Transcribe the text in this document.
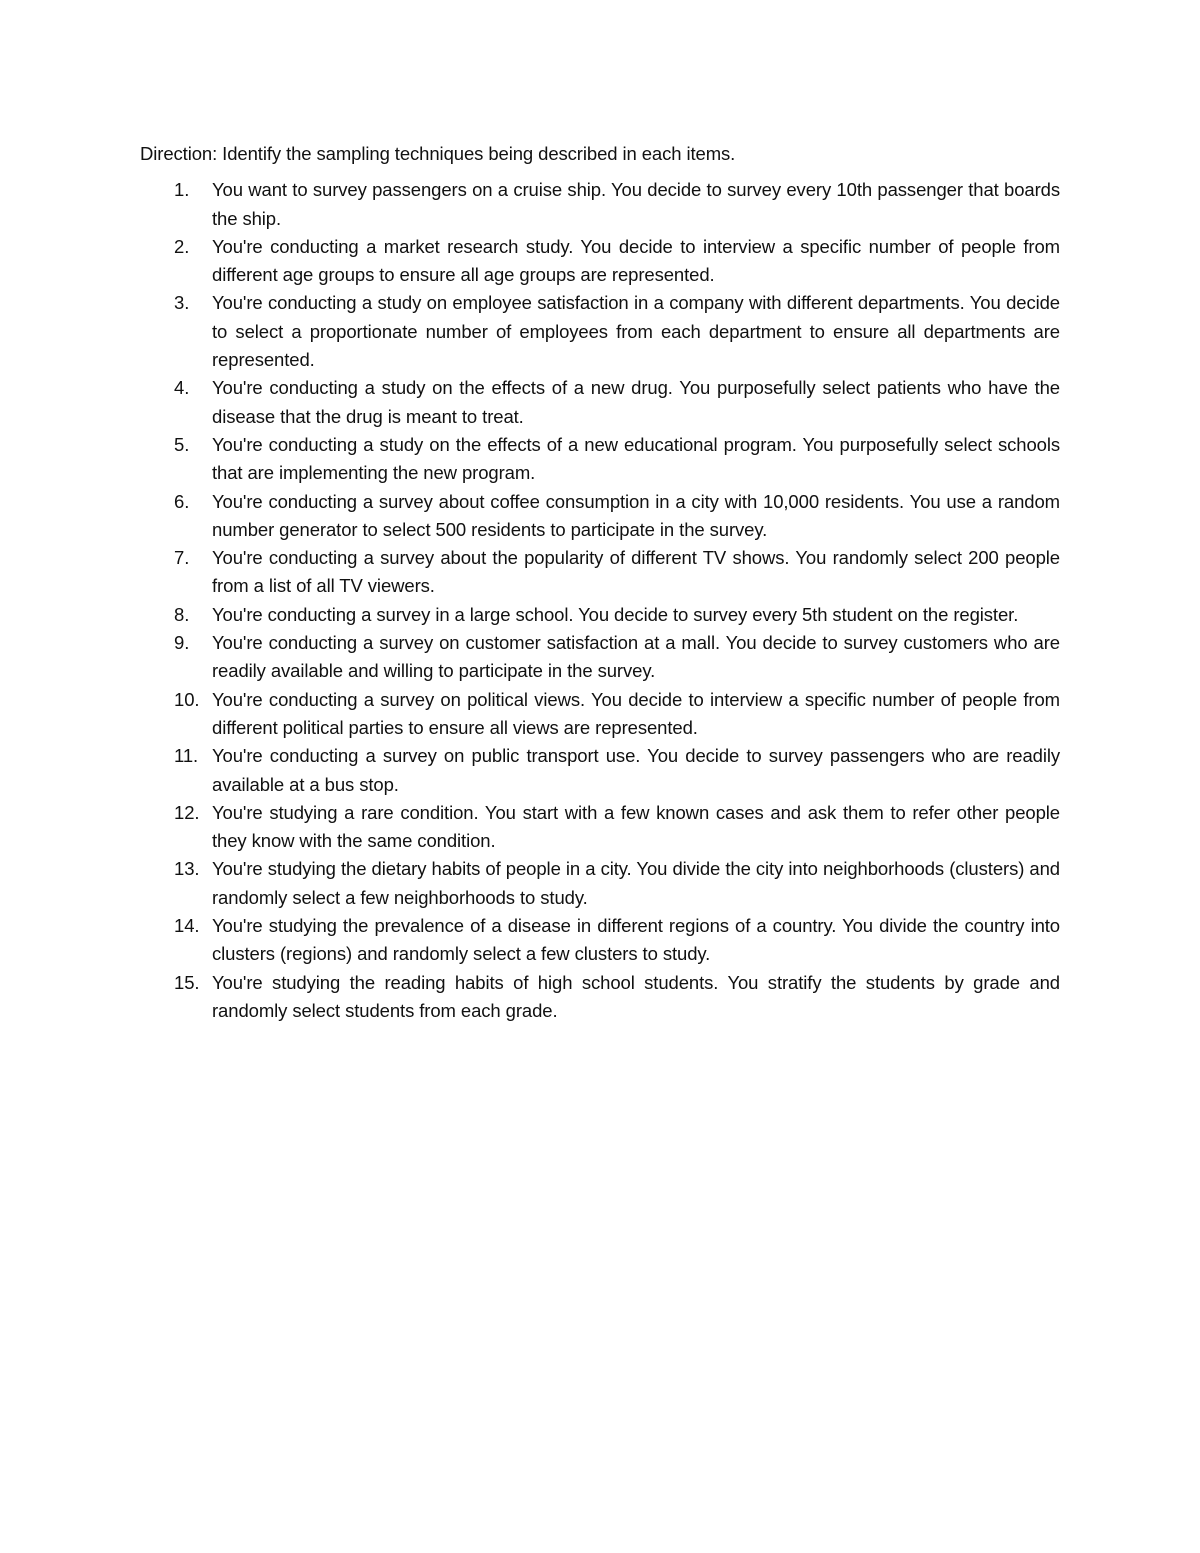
Direction: Identify the sampling techniques being described in each items.

1. You want to survey passengers on a cruise ship. You decide to survey every 10th passenger that boards the ship.
2. You're conducting a market research study. You decide to interview a specific number of people from different age groups to ensure all age groups are represented.
3. You're conducting a study on employee satisfaction in a company with different departments. You decide to select a proportionate number of employees from each department to ensure all departments are represented.
4. You're conducting a study on the effects of a new drug. You purposefully select patients who have the disease that the drug is meant to treat.
5. You're conducting a study on the effects of a new educational program. You purposefully select schools that are implementing the new program.
6. You're conducting a survey about coffee consumption in a city with 10,000 residents. You use a random number generator to select 500 residents to participate in the survey.
7. You're conducting a survey about the popularity of different TV shows. You randomly select 200 people from a list of all TV viewers.
8. You're conducting a survey in a large school. You decide to survey every 5th student on the register.
9. You're conducting a survey on customer satisfaction at a mall. You decide to survey customers who are readily available and willing to participate in the survey.
10. You're conducting a survey on political views. You decide to interview a specific number of people from different political parties to ensure all views are represented.
11. You're conducting a survey on public transport use. You decide to survey passengers who are readily available at a bus stop.
12. You're studying a rare condition. You start with a few known cases and ask them to refer other people they know with the same condition.
13. You're studying the dietary habits of people in a city. You divide the city into neighborhoods (clusters) and randomly select a few neighborhoods to study.
14. You're studying the prevalence of a disease in different regions of a country. You divide the country into clusters (regions) and randomly select a few clusters to study.
15. You're studying the reading habits of high school students. You stratify the students by grade and randomly select students from each grade.
